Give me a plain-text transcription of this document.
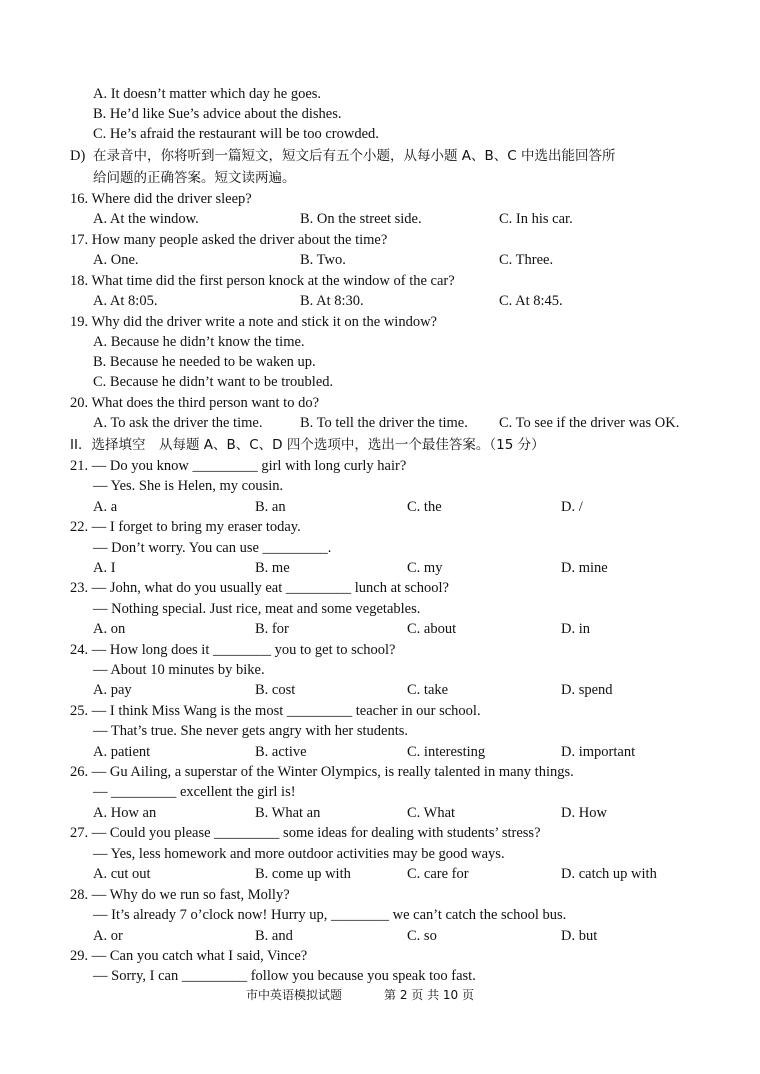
A. It doesn’t matter which day he goes.
B. He’d like Sue’s advice about the dishes.
C. He’s afraid the restaurant will be too crowded.
D) 在录音中，你将听到一篇短文，短文后有五个小题，从每小题 A、B、C 中选出能回答所
给问题的正确答案。短文读两遍。
16. Where did the driver sleep?
A. At the window.	B. On the street side.	C. In his car.
17. How many people asked the driver about the time?
A. One.	B. Two.	C. Three.
18. What time did the first person knock at the window of the car?
A. At 8:05.	B. At 8:30.	C. At 8:45.
19. Why did the driver write a note and stick it on the window?
A. Because he didn’t know the time.
B. Because he needed to be waken up.
C. Because he didn’t want to be troubled.
20. What does the third person want to do?
A. To ask the driver the time.	B. To tell the driver the time. C. To see if the driver was OK.
II．选择填空　从每题 A、B、C、D 四个选项中，选出一个最佳答案。（15 分）
21. — Do you know _________ girl with long curly hair?
— Yes. She is Helen, my cousin.
A. a	B. an	C. the	D. /
22. — I forget to bring my eraser today.
— Don’t worry. You can use _________.
A. I	B. me	C. my	D. mine
23. — John, what do you usually eat _________ lunch at school?
— Nothing special. Just rice, meat and some vegetables.
A. on	B. for	C. about	D. in
24. — How long does it ________ you to get to school?
— About 10 minutes by bike.
A. pay	B. cost	C. take	D. spend
25. — I think Miss Wang is the most _________ teacher in our school.
— That’s true. She never gets angry with her students.
A. patient	B. active	C. interesting	D. important
26. — Gu Ailing, a superstar of the Winter Olympics, is really talented in many things.
— _________ excellent the girl is!
A. How an	B. What an	C. What	D. How
27. — Could you please _________ some ideas for dealing with students’ stress?
— Yes, less homework and more outdoor activities may be good ways.
A. cut out	B. come up with	C. care for	D. catch up with
28. — Why do we run so fast, Molly?
— It’s already 7 o’clock now! Hurry up, ________ we can’t catch the school bus.
A. or	B. and	C. so	D. but
29. — Can you catch what I said, Vince?
— Sorry, I can _________ follow you because you speak too fast.
市中英语模拟试题	第 2 页 共 10 页
